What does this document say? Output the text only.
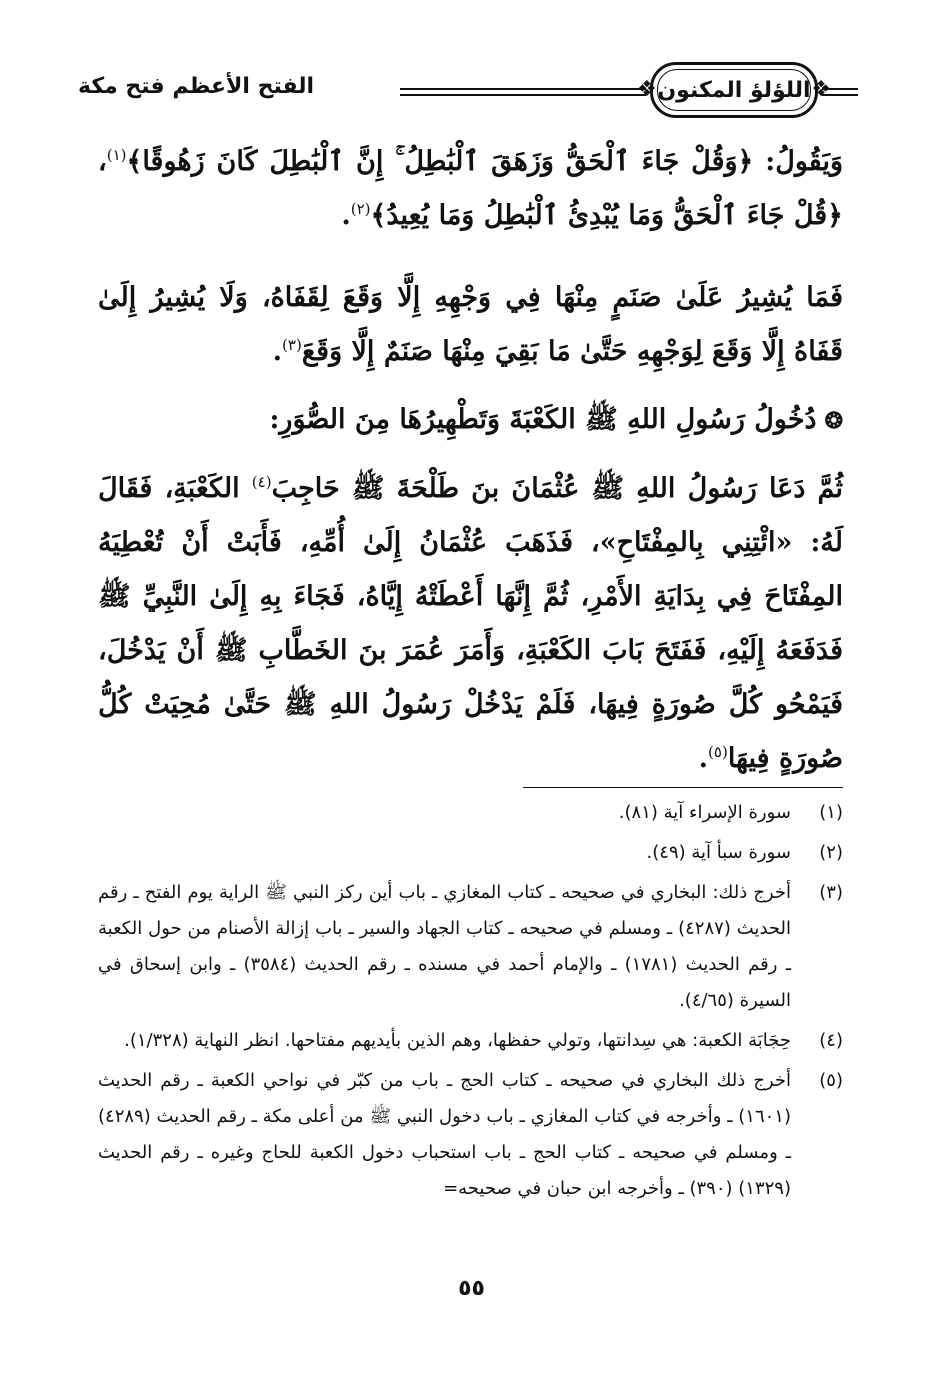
❖
اللؤلؤ المكنون
❖
الفتح الأعظم فتح مكة

وَيَقُولُ: ﴿وَقُلْ جَاءَ ٱلْحَقُّ وَزَهَقَ ٱلْبَٰطِلُ ۚ إِنَّ ٱلْبَٰطِلَ كَانَ زَهُوقًا﴾$^{(١)}$، ﴿قُلْ جَاءَ ٱلْحَقُّ وَمَا يُبْدِئُ ٱلْبَٰطِلُ وَمَا يُعِيدُ﴾$^{(٢)}$.

فَمَا يُشِيرُ عَلَىٰ صَنَمٍ مِنْهَا فِي وَجْهِهِ إِلَّا وَقَعَ لِقَفَاهُ، وَلَا يُشِيرُ إِلَىٰ قَفَاهُ إِلَّا وَقَعَ لِوَجْهِهِ حَتَّىٰ مَا بَقِيَ مِنْهَا صَنَمٌ إِلَّا وَقَعَ$^{(٣)}$.

❂دُخُولُ رَسُولِ اللهِ ﷺ الكَعْبَةَ وَتَطْهِيرُهَا مِنَ الصُّوَرِ:

ثُمَّ دَعَا رَسُولُ اللهِ ﷺ عُثْمَانَ بنَ طَلْحَةَ ﷺ حَاجِبَ$^{(٤)}$ الكَعْبَةِ، فَقَالَ لَهُ: «ائْتِنِي بِالمِفْتَاحِ»، فَذَهَبَ عُثْمَانُ إِلَىٰ أُمِّهِ، فَأَبَتْ أَنْ تُعْطِيَهُ المِفْتَاحَ فِي بِدَايَةِ الأَمْرِ، ثُمَّ إِنَّهَا أَعْطَتْهُ إِيَّاهُ، فَجَاءَ بِهِ إِلَىٰ النَّبِيِّ ﷺ فَدَفَعَهُ إِلَيْهِ، فَفَتَحَ بَابَ الكَعْبَةِ، وَأَمَرَ عُمَرَ بنَ الخَطَّابِ ﷺ أَنْ يَدْخُلَ، فَيَمْحُو كُلَّ صُورَةٍ فِيهَا، فَلَمْ يَدْخُلْ رَسُولُ اللهِ ﷺ حَتَّىٰ مُحِيَتْ كُلُّ صُورَةٍ فِيهَا$^{(٥)}$.

(١)
سورة الإسراء آية (٨١).
(٢)
سورة سبأ آية (٤٩).
(٣)
أخرج ذلك: البخاري في صحيحه ـ كتاب المغازي ـ باب أين ركز النبي ﷺ الراية يوم الفتح ـ رقم الحديث (٤٢٨٧) ـ ومسلم في صحيحه ـ كتاب الجهاد والسير ـ باب إزالة الأصنام من حول الكعبة ـ رقم الحديث (١٧٨١) ـ والإمام أحمد في مسنده ـ رقم الحديث (٣٥٨٤) ـ وابن إسحاق في السيرة (٤/٦٥).
(٤)
حِجَابَة الكعبة: هي سِدانتها، وتولي حفظها، وهم الذين بأيديهم مفتاحها. انظر النهاية (١/٣٢٨).
(٥)
أخرج ذلك البخاري في صحيحه ـ كتاب الحج ـ باب من كبّر في نواحي الكعبة ـ رقم الحديث (١٦٠١) ـ وأخرجه في كتاب المغازي ـ باب دخول النبي ﷺ من أعلى مكة ـ رقم الحديث (٤٢٨٩) ـ ومسلم في صحيحه ـ كتاب الحج ـ باب استحباب دخول الكعبة للحاج وغيره ـ رقم الحديث (١٣٢٩) (٣٩٠) ـ وأخرجه ابن حبان في صحيحه=
٥٥
